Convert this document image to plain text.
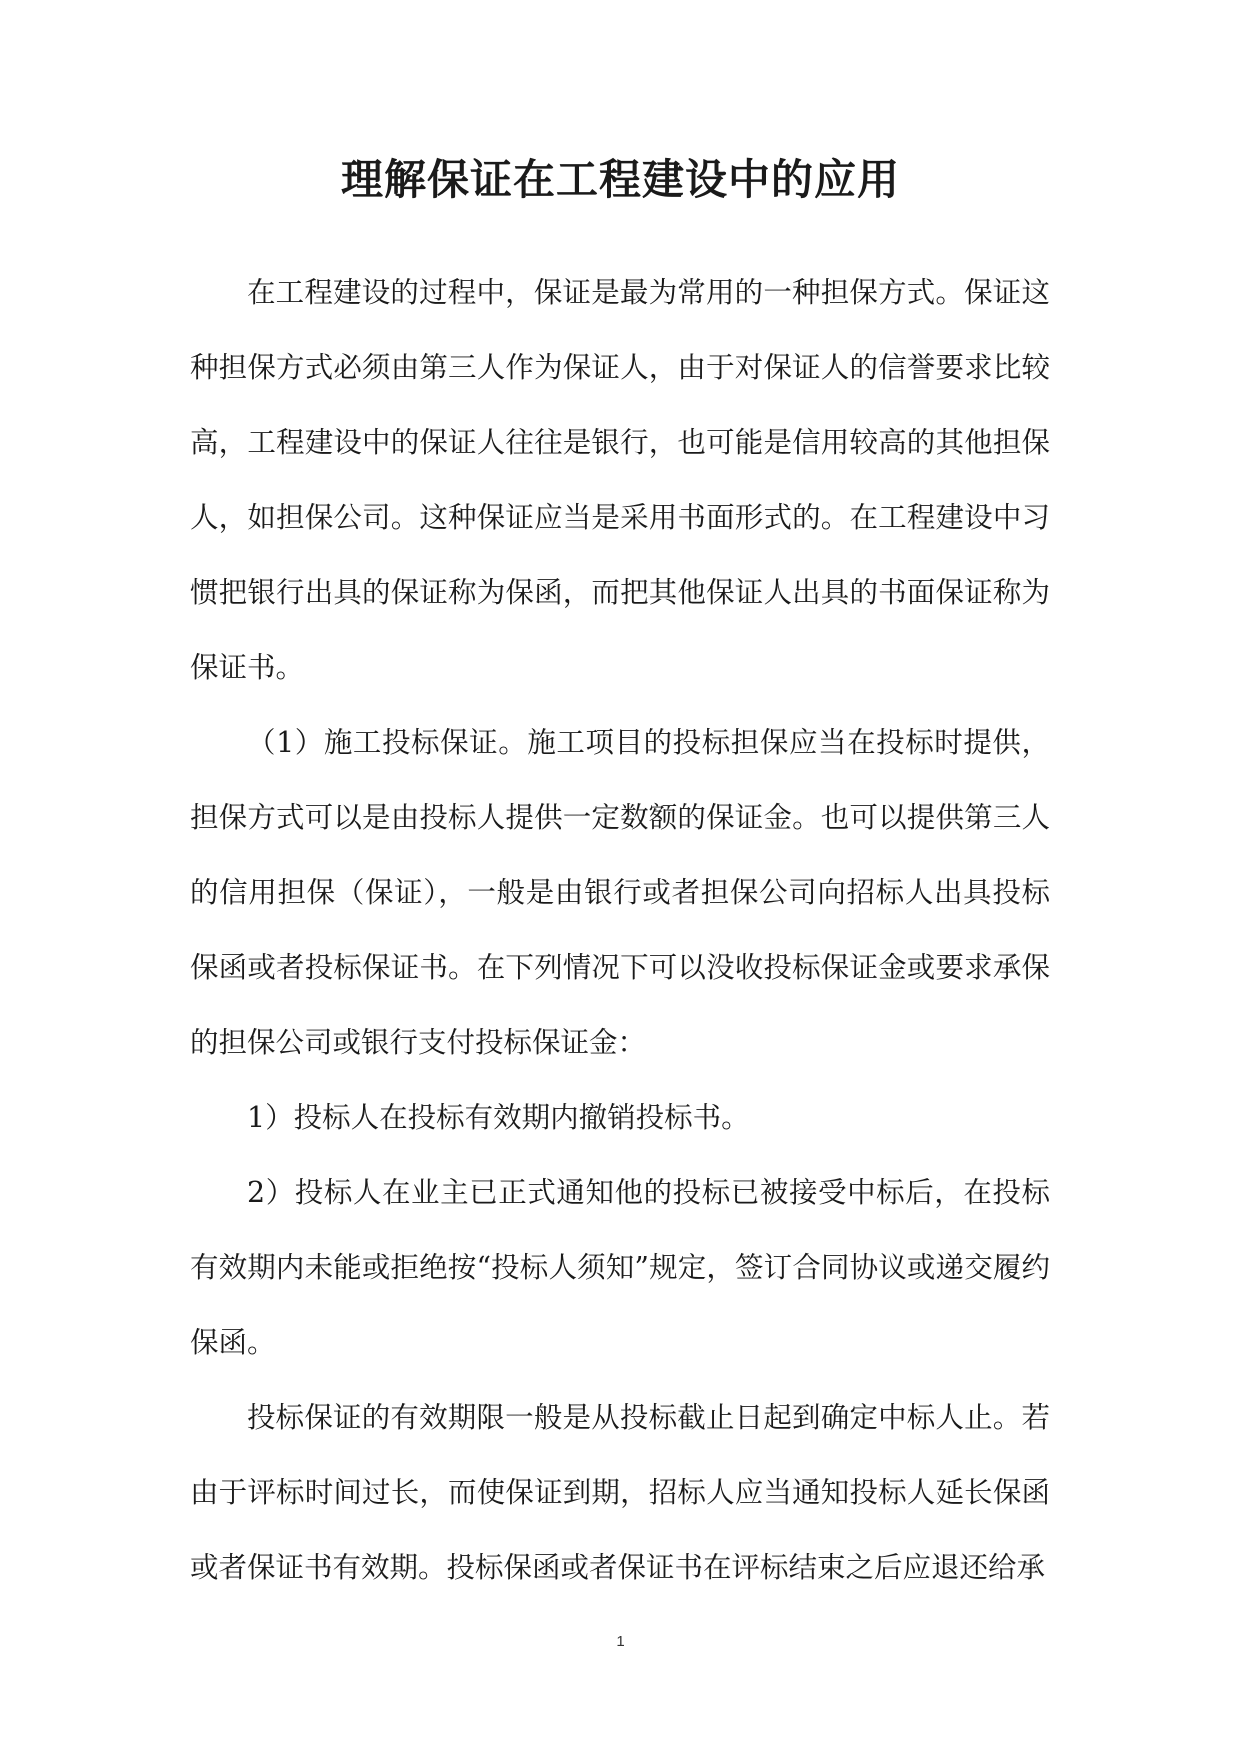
理解保证在工程建设中的应用

在工程建设的过程中，保证是最为常用的一种担保方式。保证这种担保方式必须由第三人作为保证人，由于对保证人的信誉要求比较高，工程建设中的保证人往往是银行，也可能是信用较高的其他担保人，如担保公司。这种保证应当是采用书面形式的。在工程建设中习惯把银行出具的保证称为保函，而把其他保证人出具的书面保证称为保证书。

（1）施工投标保证。施工项目的投标担保应当在投标时提供，担保方式可以是由投标人提供一定数额的保证金。也可以提供第三人的信用担保（保证），一般是由银行或者担保公司向招标人出具投标保函或者投标保证书。在下列情况下可以没收投标保证金或要求承保的担保公司或银行支付投标保证金：

1）投标人在投标有效期内撤销投标书。

2）投标人在业主已正式通知他的投标已被接受中标后，在投标有效期内未能或拒绝按“投标人须知”规定，签订合同协议或递交履约保函。

投标保证的有效期限一般是从投标截止日起到确定中标人止。若由于评标时间过长，而使保证到期，招标人应当通知投标人延长保函或者保证书有效期。投标保函或者保证书在评标结束之后应退还给承

1
